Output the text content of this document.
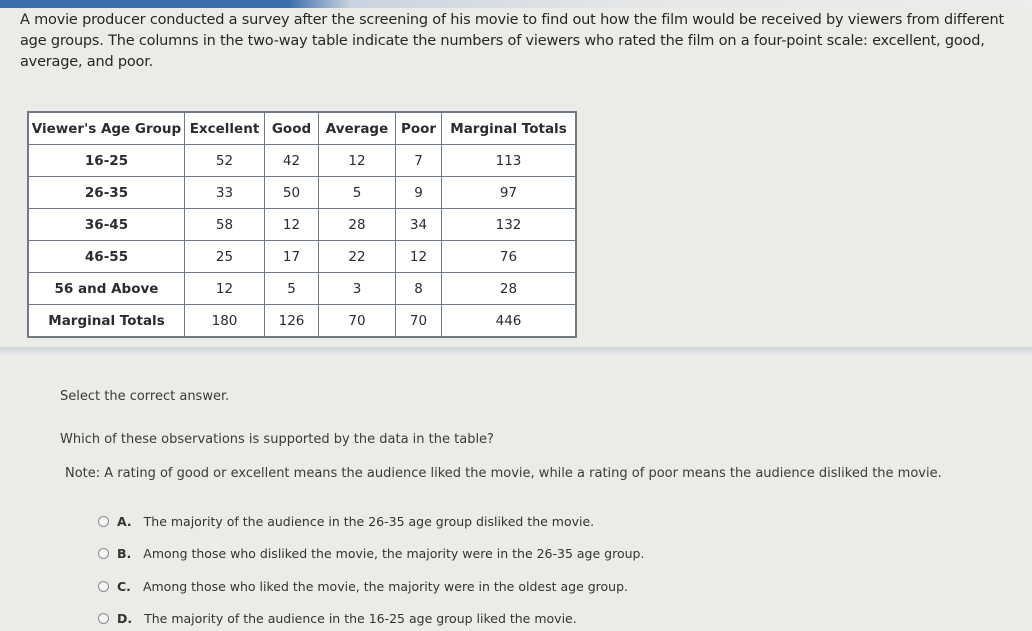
A movie producer conducted a survey after the screening of his movie to find out how the film would be received by viewers from different age groups. The columns in the two-way table indicate the numbers of viewers who rated the film on a four-point scale: excellent, good, average, and poor.
Viewer's Age Group	Excellent	Good	Average	Poor	Marginal Totals
16-25	52	42	12	7	113
26-35	33	50	5	9	97
36-45	58	12	28	34	132
46-55	25	17	22	12	76
56 and Above	12	5	3	8	28
Marginal Totals	180	126	70	70	446
Select the correct answer.
Which of these observations is supported by the data in the table?
Note: A rating of good or excellent means the audience liked the movie, while a rating of poor means the audience disliked the movie.
A. The majority of the audience in the 26-35 age group disliked the movie.
B. Among those who disliked the movie, the majority were in the 26-35 age group.
C. Among those who liked the movie, the majority were in the oldest age group.
D. The majority of the audience in the 16-25 age group liked the movie.
